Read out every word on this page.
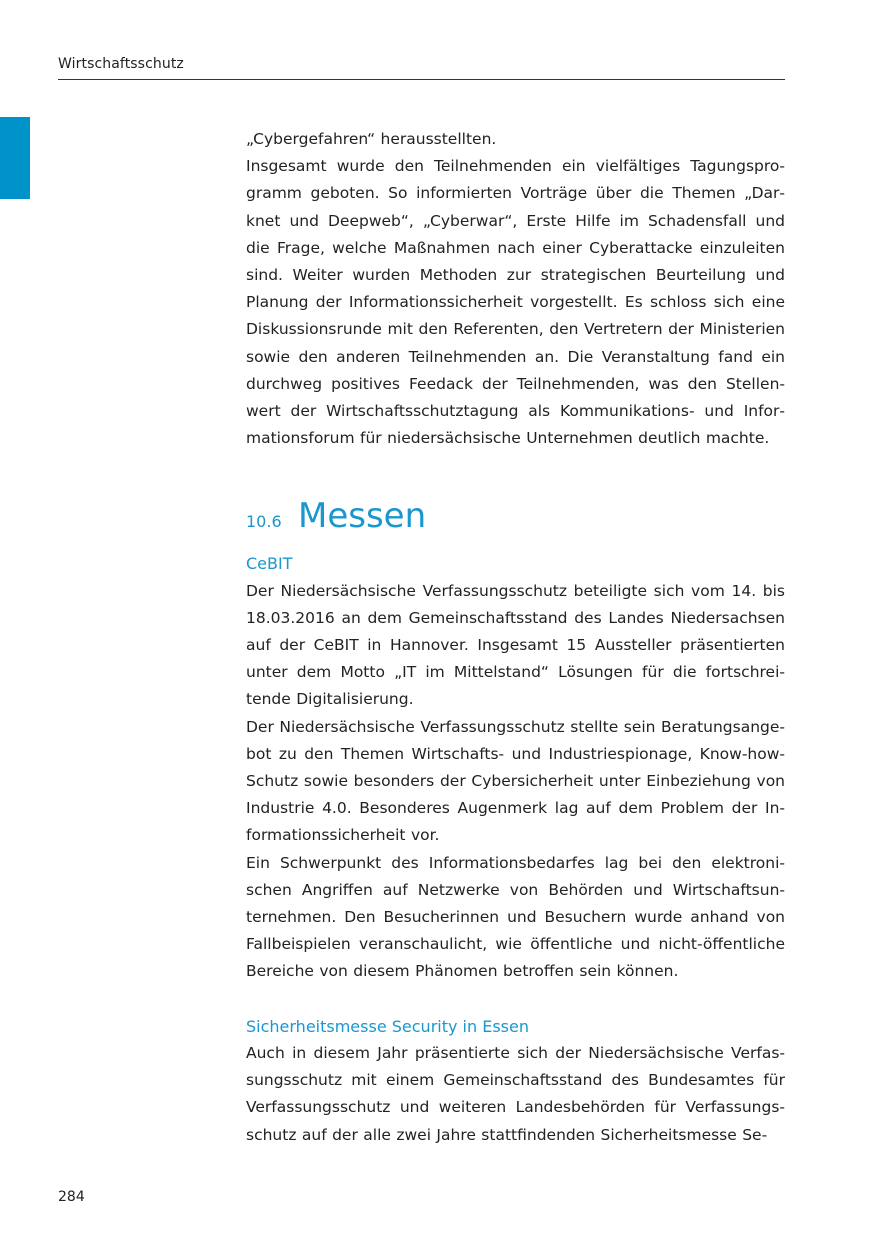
Wirtschaftsschutz

„Cybergefahren“ herausstellten.

Insgesamt wurde den Teilnehmenden ein vielfältiges Tagungsprogramm geboten. So informierten Vorträge über die Themen „Darknet und Deepweb“, „Cyberwar“, Erste Hilfe im Schadensfall und die Frage, welche Maßnahmen nach einer Cyberattacke einzuleiten sind. Weiter wurden Methoden zur strategischen Beurteilung und Planung der Informationssicherheit vorgestellt. Es schloss sich eine Diskussionsrunde mit den Referenten, den Vertretern der Ministerien sowie den anderen Teilnehmenden an. Die Veranstaltung fand ein durchweg positives Feedack der Teilnehmenden, was den Stellenwert der Wirtschaftsschutztagung als Kommunikations- und Informationsforum für niedersächsische Unternehmen deutlich machte.

10.6 Messen

CeBIT

Der Niedersächsische Verfassungsschutz beteiligte sich vom 14. bis 18.03.2016 an dem Gemeinschaftsstand des Landes Niedersachsen auf der CeBIT in Hannover. Insgesamt 15 Aussteller präsentierten unter dem Motto „IT im Mittelstand“ Lösungen für die fortschreitende Digitalisierung.

Der Niedersächsische Verfassungsschutz stellte sein Beratungsangebot zu den Themen Wirtschafts- und Industriespionage, Know-how-Schutz sowie besonders der Cybersicherheit unter Einbeziehung von Industrie 4.0. Besonderes Augenmerk lag auf dem Problem der Informationssicherheit vor.

Ein Schwerpunkt des Informationsbedarfes lag bei den elektronischen Angriffen auf Netzwerke von Behörden und Wirtschaftsunternehmen. Den Besucherinnen und Besuchern wurde anhand von Fallbeispielen veranschaulicht, wie öffentliche und nicht-öffentliche Bereiche von diesem Phänomen betroffen sein können.

Sicherheitsmesse Security in Essen

Auch in diesem Jahr präsentierte sich der Niedersächsische Verfassungsschutz mit einem Gemeinschaftsstand des Bundesamtes für Verfassungsschutz und weiteren Landesbehörden für Verfassungsschutz auf der alle zwei Jahre stattfindenden Sicherheitsmesse Se-

284
